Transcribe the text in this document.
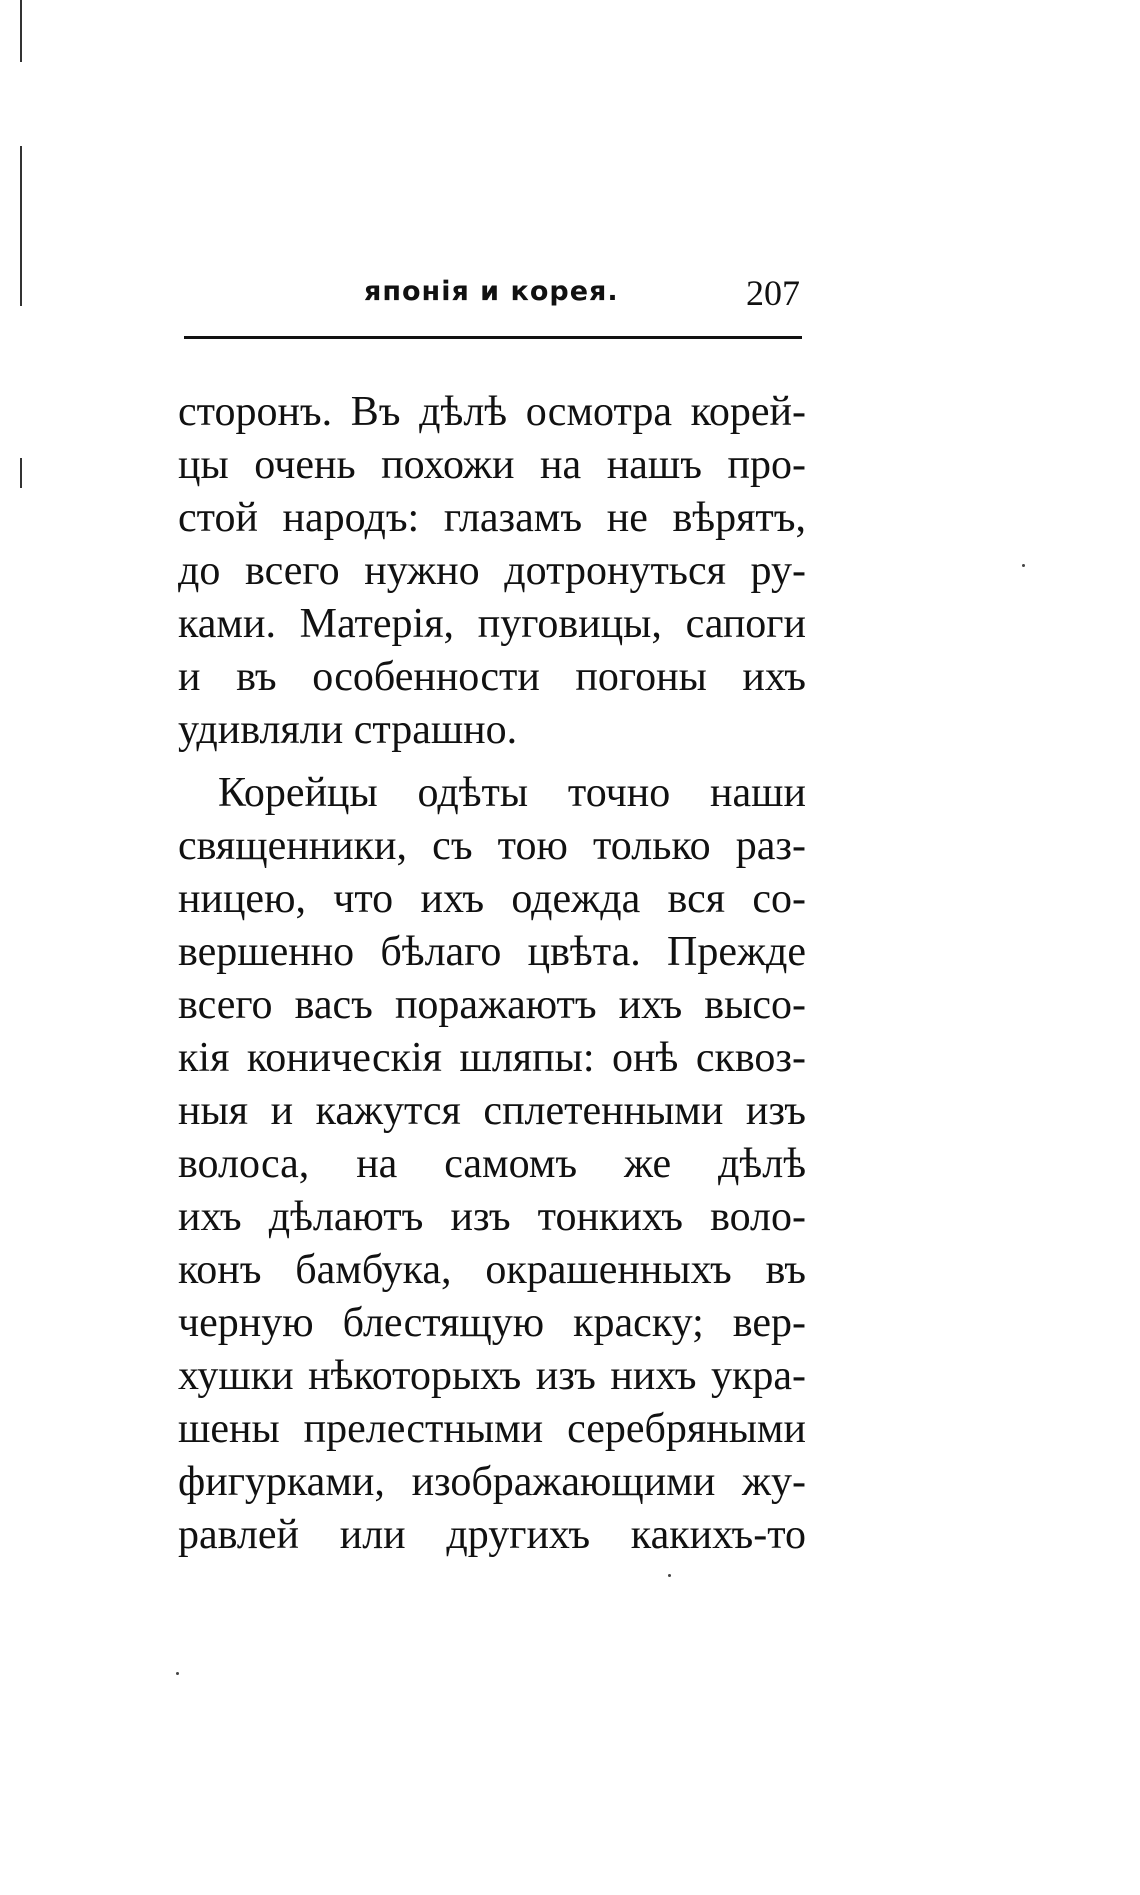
японія и корея.	207
сторонъ. Въ дѣлѣ осмотра корей-
цы очень похожи на нашъ про-
стой народъ: глазамъ не вѣрятъ,
до всего нужно дотронуться ру-
ками. Матерія, пуговицы, сапоги
и въ особенности погоны ихъ
удивляли страшно.
Корейцы одѣты точно наши
священники, съ тою только раз-
ницею, что ихъ одежда вся со-
вершенно бѣлаго цвѣта. Прежде
всего васъ поражаютъ ихъ высо-
кія коническія шляпы: онѣ сквоз-
ныя и кажутся сплетенными изъ
волоса, на самомъ же дѣлѣ
ихъ дѣлаютъ изъ тонкихъ воло-
конъ бамбука, окрашенныхъ въ
черную блестящую краску; вер-
хушки нѣкоторыхъ изъ нихъ укра-
шены прелестными серебряными
фигурками, изображающими жу-
равлей или другихъ какихъ-то
